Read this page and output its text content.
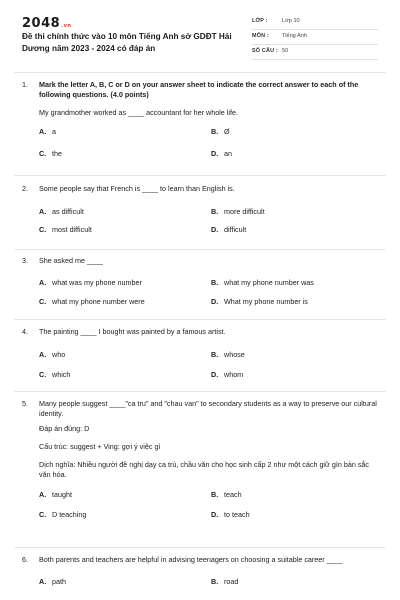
2048.vn
Đề thi chính thức vào 10 môn Tiếng Anh sở GDĐT Hải Dương năm 2023 - 2024 có đáp án
LỚP :	Lớp 10
MÔN :	Tiếng Anh
SỐ CÂU : 50
1.	Mark the letter A, B, C or D on your answer sheet to indicate the correct answer to each of the following questions. (4.0 points)
My grandmother worked as ____ accountant for her whole life.
A. a	B. Ø
C. the	D. an
2.	Some people say that French is ____ to learn than English is.
A. as difficult	B. more difficult
C. most difficult	D. difficult
3.	She asked me ____
A. what was my phone number	B. what my phone number was
C. what my phone number were	D. What my phone number is
4.	The painting ____ I bought was painted by a famous artist.
A. who	B. whose
C. which	D. whom
5.	Many people suggest ____"ca tru" and "chau van" to secondary students as a way to preserve our cultural identity.
Đáp án đúng: D
Cấu trúc: suggest + Ving: gợi ý việc gì
Dịch nghĩa: Nhiều người đề nghị dạy ca trù, chầu văn cho học sinh cấp 2 như một cách giữ gìn bản sắc văn hóa.
A. taught	B. teach
C. D teaching	D. to teach
6.	Both parents and teachers are helpful in advising teenagers on choosing a suitable career ____
A. path	B. road
